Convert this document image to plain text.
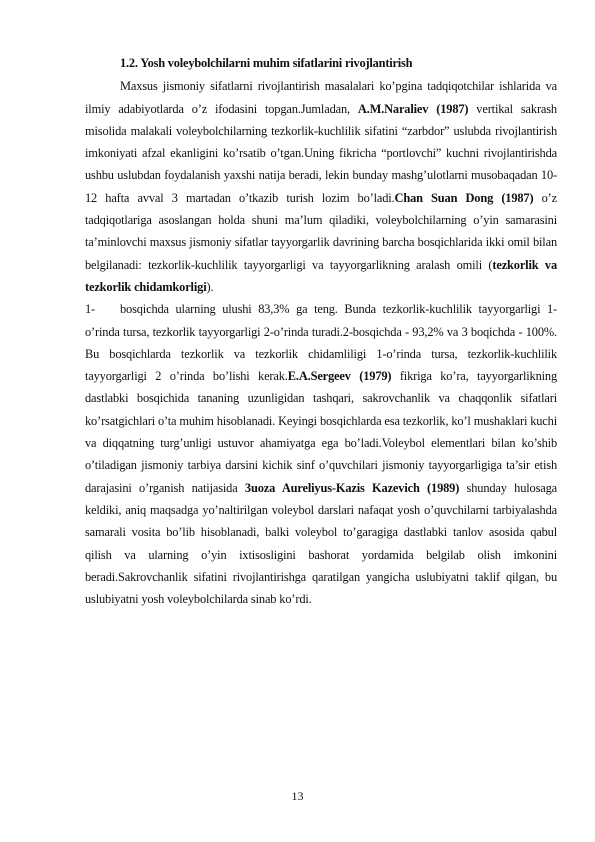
1.2. Yosh voleybolchilarni muhim sifatlarini rivojlantirish

Maxsus jismoniy sifatlarni rivojlantirish masalalari ko’pgina tadqiqotchilar ishlarida va ilmiy adabiyotlarda o’z ifodasini topgan.Jumladan, A.M.Naraliev (1987) vertikal sakrash misolida malakali voleybolchilarning tezkorlik-kuchlilik sifatini “zarbdor” uslubda rivojlantirish imkoniyati afzal ekanligini ko’rsatib o’tgan.Uning fikricha “portlovchi” kuchni rivojlantirishda ushbu uslubdan foydalanish yaxshi natija beradi, lekin bunday mashg’ulotlarni musobaqadan 10-12 hafta avval 3 martadan o’tkazib turish lozim bo’ladi.Chan Suan Dong (1987) o’z tadqiqotlariga asoslangan holda shuni ma’lum qiladiki, voleybolchilarning o’yin samarasini ta’minlovchi maxsus jismoniy sifatlar tayyorgarlik davrining barcha bosqichlarida ikki omil bilan belgilanadi: tezkorlik-kuchlilik tayyorgarligi va tayyorgarlikning aralash omili (tezkorlik va tezkorlik chidamkorligi).

1- bosqichda ularning ulushi 83,3% ga teng. Bunda tezkorlik-kuchlilik tayyorgarligi 1-o’rinda tursa, tezkorlik tayyorgarligi 2-o’rinda turadi.2-bosqichda - 93,2% va 3 boqichda - 100%. Bu bosqichlarda tezkorlik va tezkorlik chidamliligi 1-o’rinda tursa, tezkorlik-kuchlilik tayyorgarligi 2 o’rinda bo’lishi kerak.E.A.Sergeev (1979) fikriga ko’ra, tayyorgarlikning dastlabki bosqichida tananing uzunligidan tashqari, sakrovchanlik va chaqqonlik sifatlari ko’rsatgichlari o’ta muhim hisoblanadi. Keyingi bosqichlarda esa tezkorlik, ko’l mushaklari kuchi va diqqatning turg’unligi ustuvor ahamiyatga ega bo’ladi.Voleybol elementlari bilan ko’shib o’tiladigan jismoniy tarbiya darsini kichik sinf o’quvchilari jismoniy tayyorgarligiga ta’sir etish darajasini o’rganish natijasida 3uoza Aureliyus-Kazis Kazevich (1989) shunday hulosaga keldiki, aniq maqsadga yo’naltirilgan voleybol darslari nafaqat yosh o’quvchilarni tarbiyalashda samarali vosita bo’lib hisoblanadi, balki voleybol to’garagiga dastlabki tanlov asosida qabul qilish va ularning o’yin ixtisosligini bashorat yordamida belgilab olish imkonini beradi.Sakrovchanlik sifatini rivojlantirishga qaratilgan yangicha uslubiyatni taklif qilgan, bu uslubiyatni yosh voleybolchilarda sinab ko’rdi.

13
